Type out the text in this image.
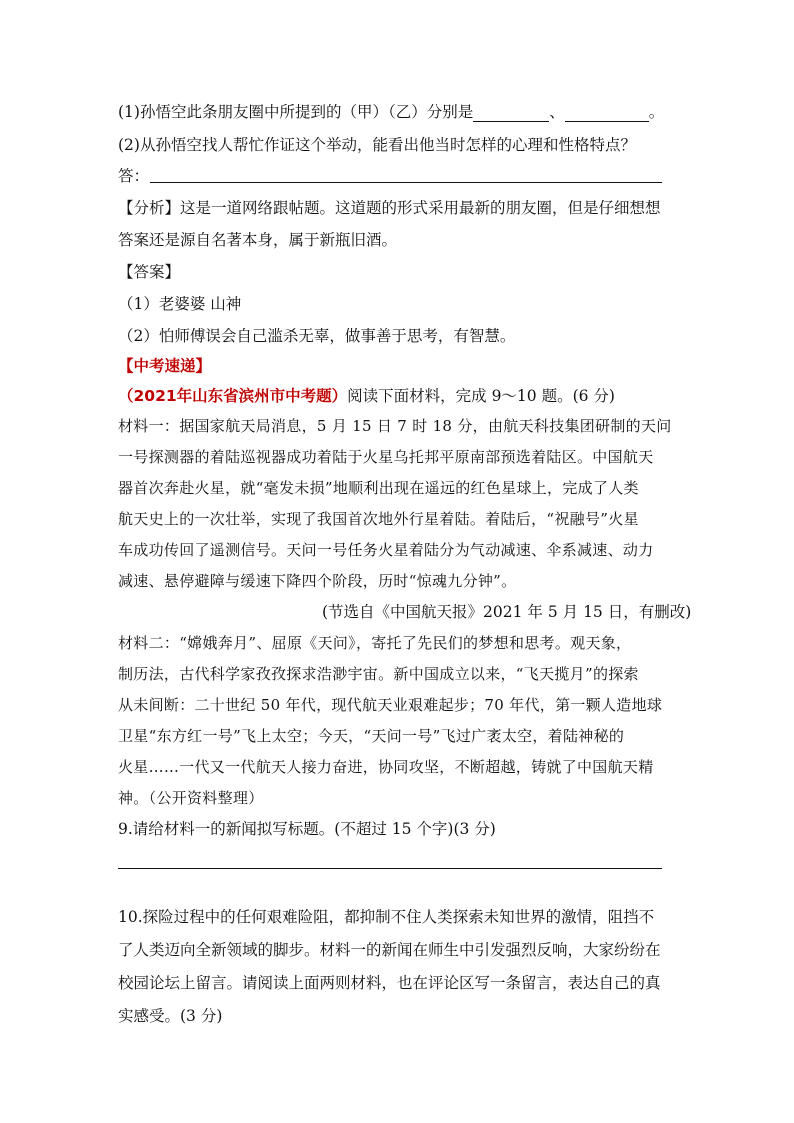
(1)孙悟空此条朋友圈中所提到的（甲）（乙）分别是	、	。
(2)从孙悟空找人帮忙作证这个举动，能看出他当时怎样的心理和性格特点？
答：
【分析】这是一道网络跟帖题。这道题的形式采用最新的朋友圈，但是仔细想想
答案还是源自名著本身，属于新瓶旧酒。
【答案】
（1）老婆婆 山神
（2）怕师傅误会自己滥杀无辜，做事善于思考，有智慧。
【中考速递】
（2021年山东省滨州市中考题）阅读下面材料，完成 9～10 题。(6 分)
材料一：据国家航天局消息，5 月 15 日 7 时 18 分，由航天科技集团研制的天问
一号探测器的着陆巡视器成功着陆于火星乌托邦平原南部预选着陆区。中国航天
器首次奔赴火星，就“毫发未损”地顺利出现在遥远的红色星球上，完成了人类
航天史上的一次壮举，实现了我国首次地外行星着陆。着陆后，“祝融号”火星
车成功传回了遥测信号。天问一号任务火星着陆分为气动减速、伞系减速、动力
减速、悬停避障与缓速下降四个阶段，历时“惊魂九分钟”。
(节选自《中国航天报》2021 年 5 月 15 日，有删改)
材料二：“嫦娥奔月”、屈原《天问》，寄托了先民们的梦想和思考。观天象，
制历法，古代科学家孜孜探求浩渺宇宙。新中国成立以来，“飞天揽月”的探索
从未间断：二十世纪 50 年代，现代航天业艰难起步；70 年代，第一颗人造地球
卫星“东方红一号”飞上太空；今天，“天问一号”飞过广袤太空，着陆神秘的
火星……一代又一代航天人接力奋进，协同攻坚，不断超越，铸就了中国航天精
神。（公开资料整理）
9.请给材料一的新闻拟写标题。(不超过 15 个字)(3 分)
10.探险过程中的任何艰难险阻，都抑制不住人类探索未知世界的激情，阻挡不
了人类迈向全新领域的脚步。材料一的新闻在师生中引发强烈反响，大家纷纷在
校园论坛上留言。请阅读上面两则材料，也在评论区写一条留言，表达自己的真
实感受。(3 分)
